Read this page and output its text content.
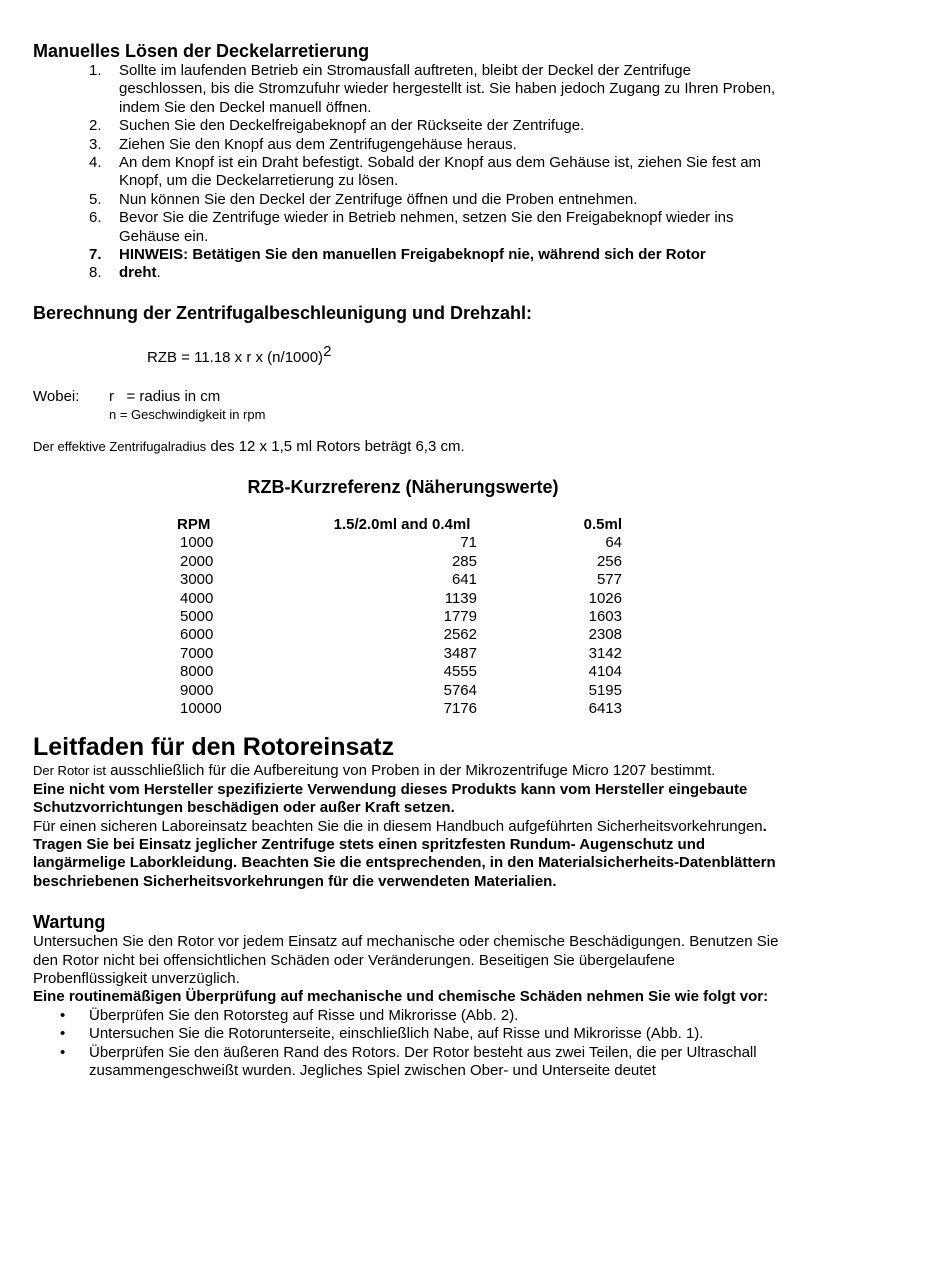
Manuelles Lösen der Deckelarretierung
1. Sollte im laufenden Betrieb ein Stromausfall auftreten, bleibt der Deckel der Zentrifuge geschlossen, bis die Stromzufuhr wieder hergestellt ist. Sie haben jedoch Zugang zu Ihren Proben, indem Sie den Deckel manuell öffnen.
2. Suchen Sie den Deckelfreigabeknopf an der Rückseite der Zentrifuge.
3. Ziehen Sie den Knopf aus dem Zentrifugengehäuse heraus.
4. An dem Knopf ist ein Draht befestigt. Sobald der Knopf aus dem Gehäuse ist, ziehen Sie fest am Knopf, um die Deckelarretierung zu lösen.
5. Nun können Sie den Deckel der Zentrifuge öffnen und die Proben entnehmen.
6. Bevor Sie die Zentrifuge wieder in Betrieb nehmen, setzen Sie den Freigabeknopf wieder ins Gehäuse ein.
7. HINWEIS: Betätigen Sie den manuellen Freigabeknopf nie, während sich der Rotor
8. dreht.
Berechnung der Zentrifugalbeschleunigung und Drehzahl:
RZB = 11.18 x r x $(n/1000)^2$
Wobei: r   = radius in cm
n = Geschwindigkeit in rpm
Der effektive Zentrifugalradius des 12 x 1,5 ml Rotors beträgt 6,3 cm.
RZB-Kurzreferenz (Näherungswerte)
RPM	1.5/2.0ml and 0.4ml	0.5ml
1000	71	64
2000	285	256
3000	641	577
4000	1139	1026
5000	1779	1603
6000	2562	2308
7000	3487	3142
8000	4555	4104
9000	5764	5195
10000	7176	6413
Leitfaden für den Rotoreinsatz

Der Rotor ist ausschließlich für die Aufbereitung von Proben in der Mikrozentrifuge Micro 1207 bestimmt.

Eine nicht vom Hersteller spezifizierte Verwendung dieses Produkts kann vom Hersteller eingebaute Schutzvorrichtungen beschädigen oder außer Kraft setzen.

Für einen sicheren Laboreinsatz beachten Sie die in diesem Handbuch aufgeführten Sicherheitsvorkehrungen.

Tragen Sie bei Einsatz jeglicher Zentrifuge stets einen spritzfesten Rundum- Augenschutz und langärmelige Laborkleidung. Beachten Sie die entsprechenden, in den Materialsicherheits-Datenblättern beschriebenen Sicherheitsvorkehrungen für die verwendeten Materialien.

Wartung

Untersuchen Sie den Rotor vor jedem Einsatz auf mechanische oder chemische Beschädigungen. Benutzen Sie den Rotor nicht bei offensichtlichen Schäden oder Veränderungen. Beseitigen Sie übergelaufene Probenflüssigkeit unverzüglich.

Eine routinemäßigen Überprüfung auf mechanische und chemische Schäden nehmen Sie wie folgt vor:

• Überprüfen Sie den Rotorsteg auf Risse und Mikrorisse (Abb. 2).
• Untersuchen Sie die Rotorunterseite, einschließlich Nabe, auf Risse und Mikrorisse (Abb. 1).
• Überprüfen Sie den äußeren Rand des Rotors. Der Rotor besteht aus zwei Teilen, die per Ultraschall zusammengeschweißt wurden. Jegliches Spiel zwischen Ober- und Unterseite deutet
